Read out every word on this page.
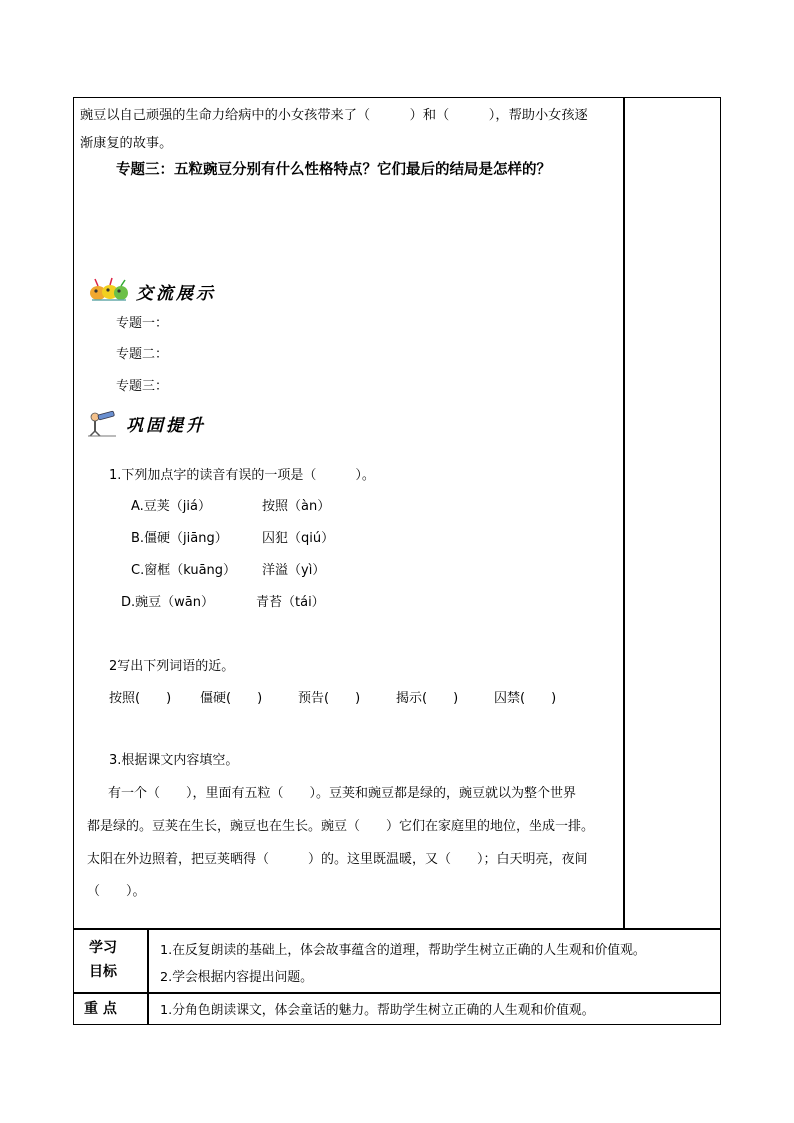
豌豆以自己顽强的生命力给病中的小女孩带来了（　　　）和（　　　），帮助小女孩逐
渐康复的故事。
专题三：五粒豌豆分别有什么性格特点？它们最后的结局是怎样的？
交流展示
专题一：
专题二：
专题三：
巩固提升
1.下列加点字的读音有误的一项是（　　　）。
A.豆荚（jiá）	按照（àn）
B.僵硬（jiāng）	囚犯（qiú）
C.窗框（kuāng） 洋溢（yì）
D.豌豆（wān）	青苔（tái）
2写出下列词语的近。
按照(　　) 僵硬(　　)	预告(　　)	揭示(　　)	囚禁(　　)
3.根据课文内容填空。
有一个（　　），里面有五粒（　　）。豆荚和豌豆都是绿的，豌豆就以为整个世界
都是绿的。豆荚在生长，豌豆也在生长。豌豆（　　）它们在家庭里的地位，坐成一排。
太阳在外边照着，把豆荚晒得（　　　）的。这里既温暖，又（　　）；白天明亮，夜间
（　　）。
学习
目标
1.在反复朗读的基础上，体会故事蕴含的道理，帮助学生树立正确的人生观和价值观。
2.学会根据内容提出问题。
重 点	1.分角色朗读课文，体会童话的魅力。帮助学生树立正确的人生观和价值观。
